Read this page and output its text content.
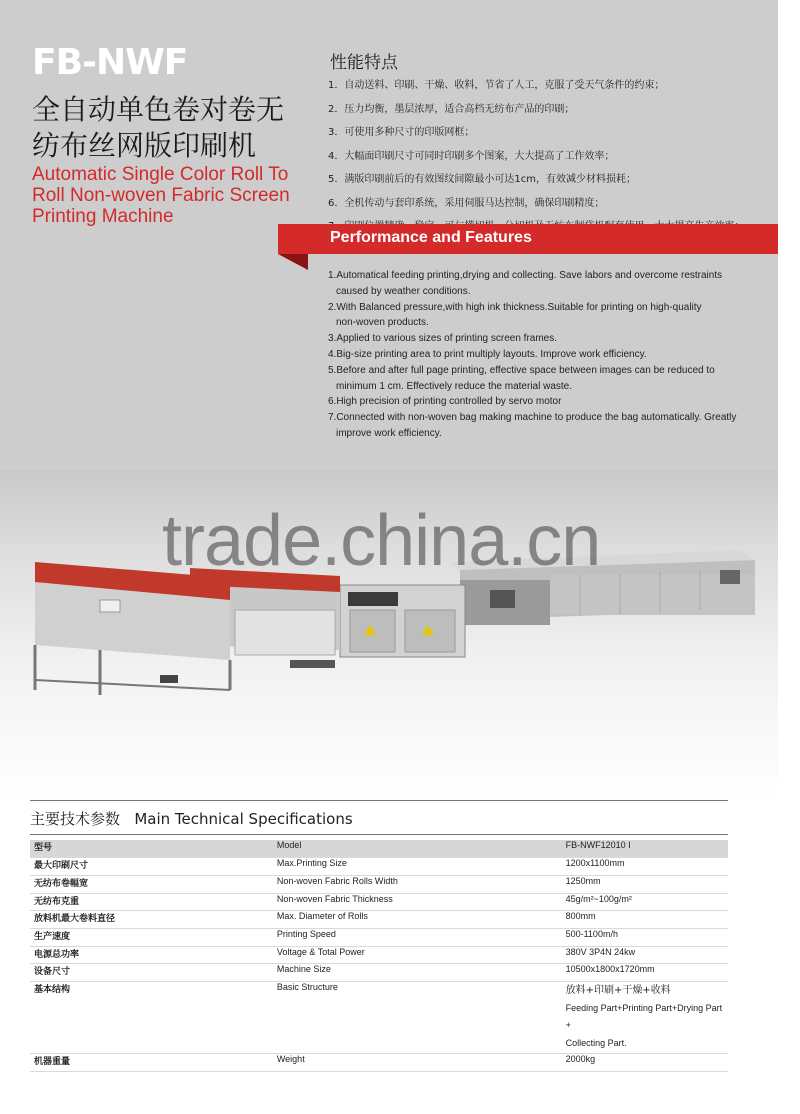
FB-NWF
全自动单色卷对卷无纺布丝网版印刷机
Automatic Single Color Roll To Roll Non-woven Fabric Screen Printing Machine
性能特点
1．自动送料、印刷、干燥、收料，节省了人工，克服了受天气条件的约束；
2．压力均衡，墨层浓厚，适合高档无纺布产品的印刷；
3．可使用多种尺寸的印版网框；
4．大幅面印刷尺寸可同时印刷多个图案，大大提高了工作效率；
5．满版印刷前后的有效图纹间隙最小可达1cm，有效减少材料损耗；
6．全机传动与套印系统，采用伺服马达控制，确保印刷精度；
Performance and Features
1.Automatical feeding printing,drying and collecting. Save labors and overcome restraints
caused by weather conditions.
2.With Balanced pressure,with high ink thickness.Suitable for printing on high-quality
non-woven products.
3.Applied to various sizes of printing screen frames.
4.Big-size printing area to print multiply layouts. Improve work efficiency.
5.Before and after full page printing, effective space between images can be reduced to
minimum 1 cm. Effectively reduce the material waste.
6.High precision of printing controlled by servo motor
7.Connected with non-woven bag making machine to produce the bag automatically. Greatly
improve work efficiency.
trade.china.cn
主要技术参数 Main Technical Specifications
型号	Model	FB-NWF12010 I
最大印刷尺寸	Max.Printing Size	1200x1100mm
无纺布卷幅宽	Non-woven Fabric Rolls Width	1250mm
无纺布克重	Non-woven Fabric Thickness	45g/m²~100g/m²
放料机最大卷料直径	Max. Diameter of Rolls	800mm
生产速度	Printing Speed	500-1100m/h
电源总功率	Voltage & Total Power	380V 3P4N 24kw
设备尺寸	Machine Size	10500x1800x1720mm
基本结构	Basic Structure	放料+印刷+干燥+收料
Feeding Part+Printing Part+Drying Part +
Collecting Part.

机器重量	Weight	2000kg
